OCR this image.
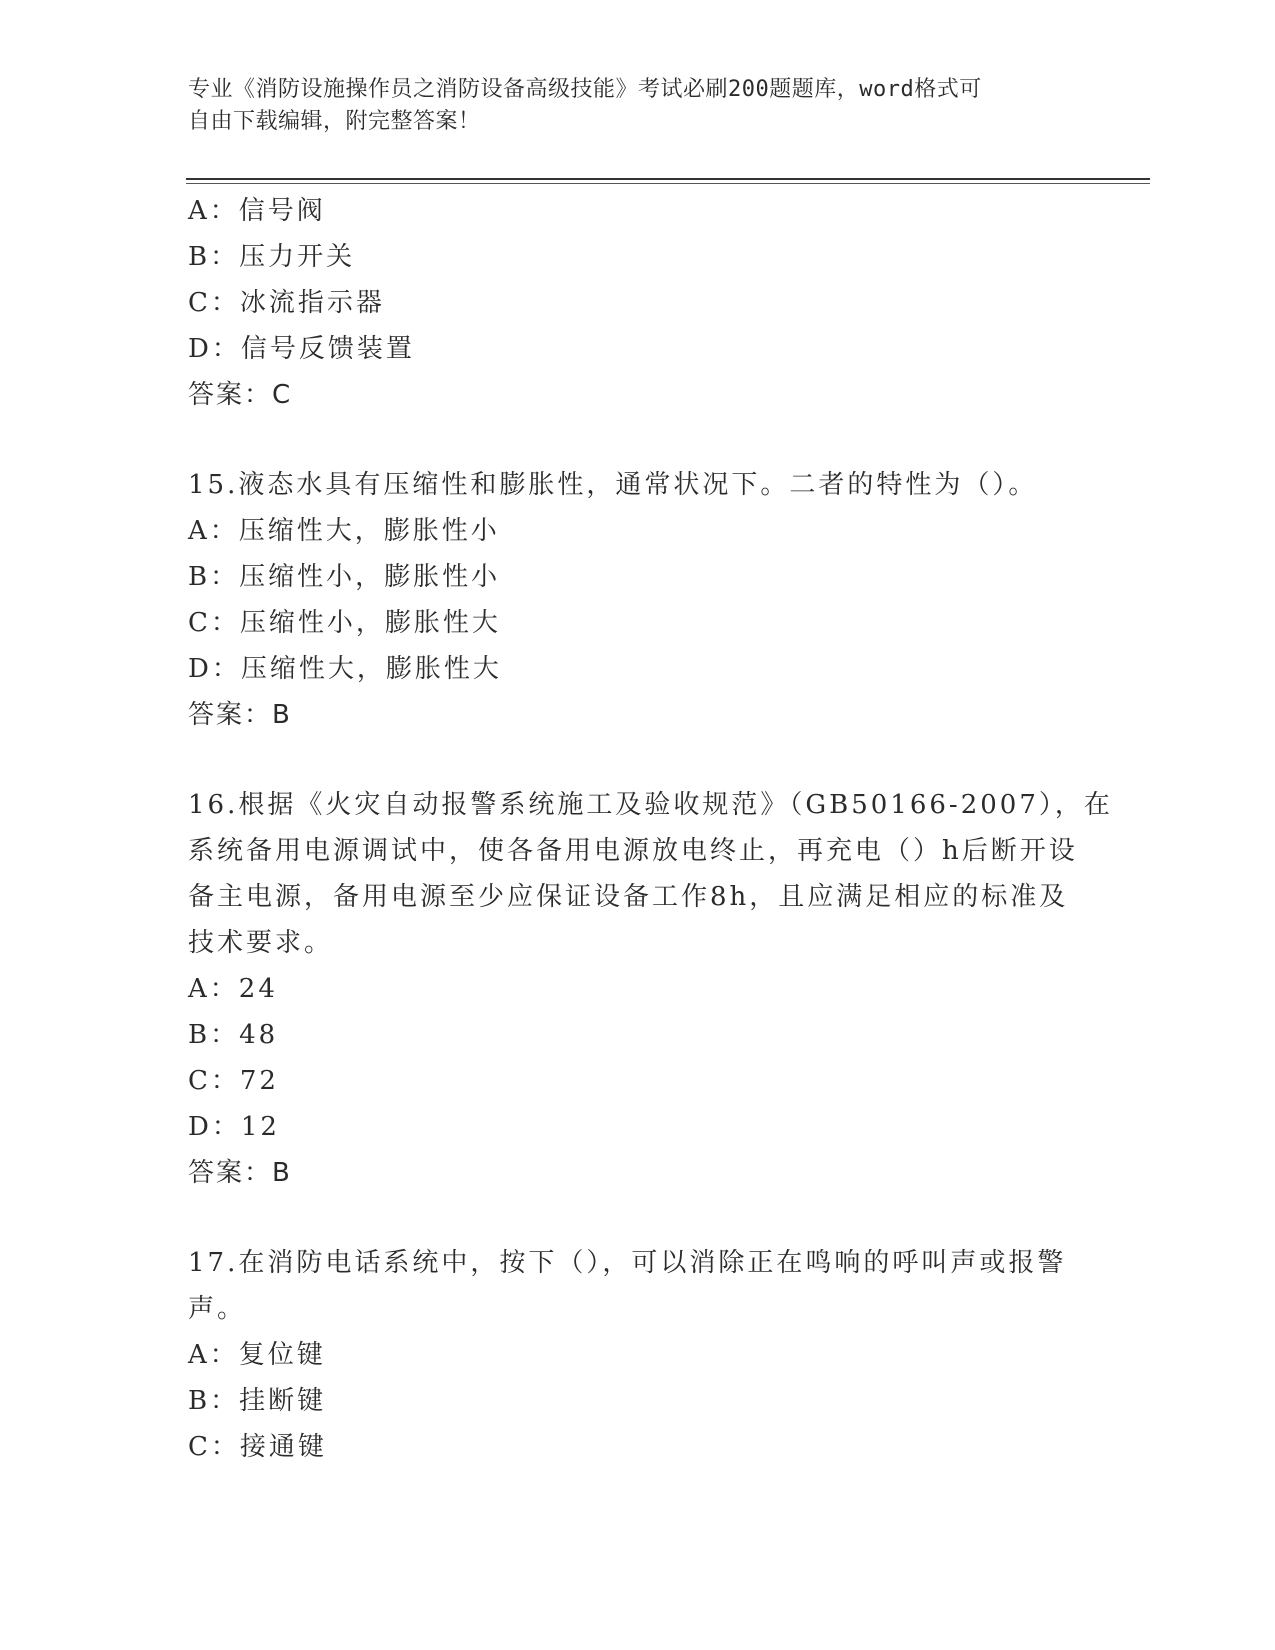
专业《消防设施操作员之消防设备高级技能》考试必刷200题题库，word格式可
自由下载编辑，附完整答案！
A：信号阀
B：压力开关
C：冰流指示器
D：信号反馈装置
答案：C
15.液态水具有压缩性和膨胀性，通常状况下。二者的特性为（）。
A：压缩性大，膨胀性小
B：压缩性小，膨胀性小
C：压缩性小，膨胀性大
D：压缩性大，膨胀性大
答案：B
16.根据《火灾自动报警系统施工及验收规范》（GB50166-2007），在
系统备用电源调试中，使各备用电源放电终止，再充电（）h后断开设
备主电源，备用电源至少应保证设备工作8h，且应满足相应的标准及
技术要求。
A：24
B：48
C：72
D：12
答案：B
17.在消防电话系统中，按下（），可以消除正在鸣响的呼叫声或报警
声。
A：复位键
B：挂断键
C：接通键
